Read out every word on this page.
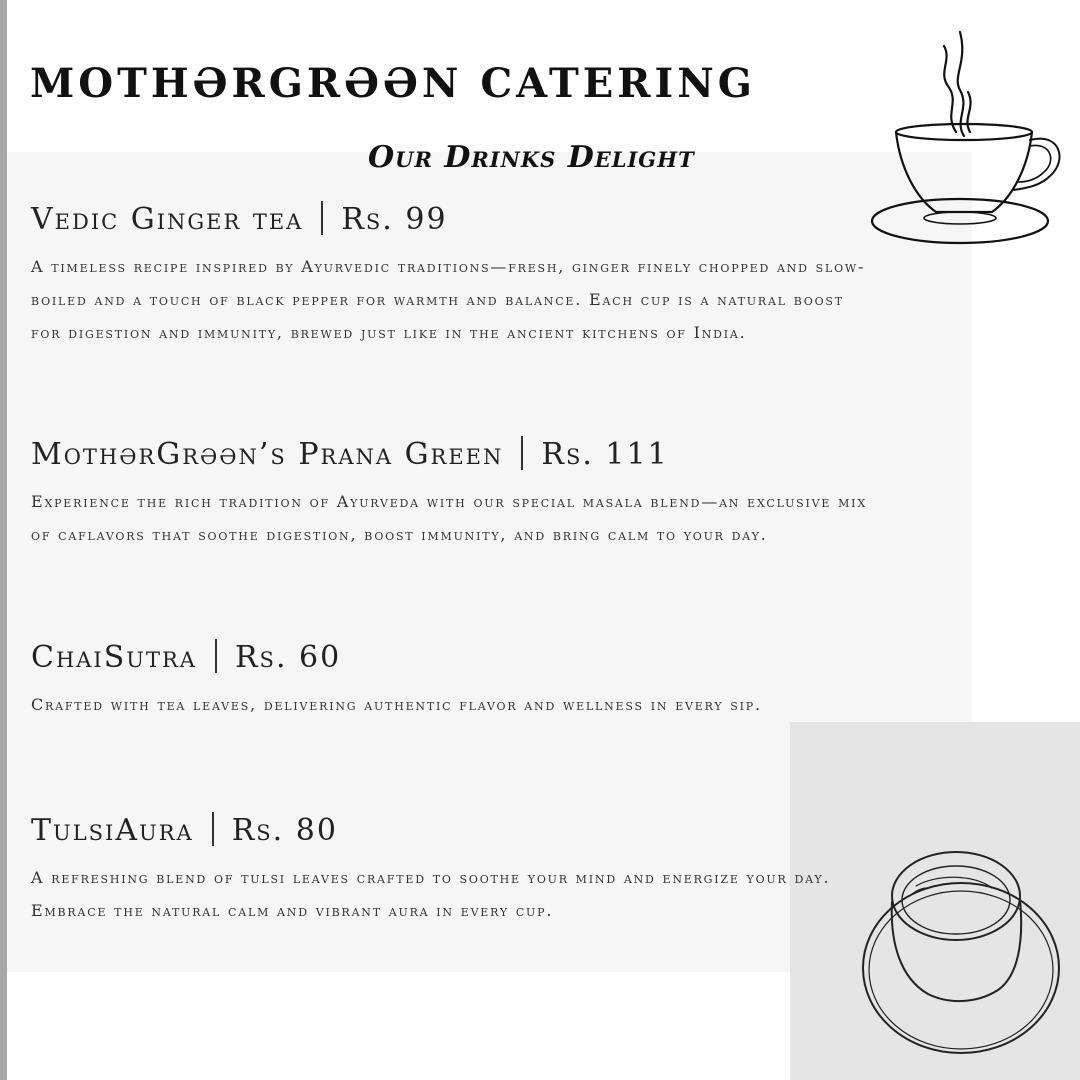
MOTHƏRGRƏƏN CATERING
Our Drinks Delight
Vedic Ginger tea Rs. 99

A timeless recipe inspired by Ayurvedic traditions—fresh, ginger finely chopped and slow-boiled and a touch of black pepper for warmth and balance. Each cup is a natural boost for digestion and immunity, brewed just like in the ancient kitchens of India.

MothərGrəən’s Prana Green Rs. 111

Experience the rich tradition of Ayurveda with our special masala blend—an exclusive mix of caflavors that soothe digestion, boost immunity, and bring calm to your day.

ChaiSutra Rs. 60

Crafted with tea leaves, delivering authentic flavor and wellness in every sip.

TulsiAura Rs. 80

A refreshing blend of tulsi leaves crafted to soothe your mind and energize your day. Embrace the natural calm and vibrant aura in every cup.
